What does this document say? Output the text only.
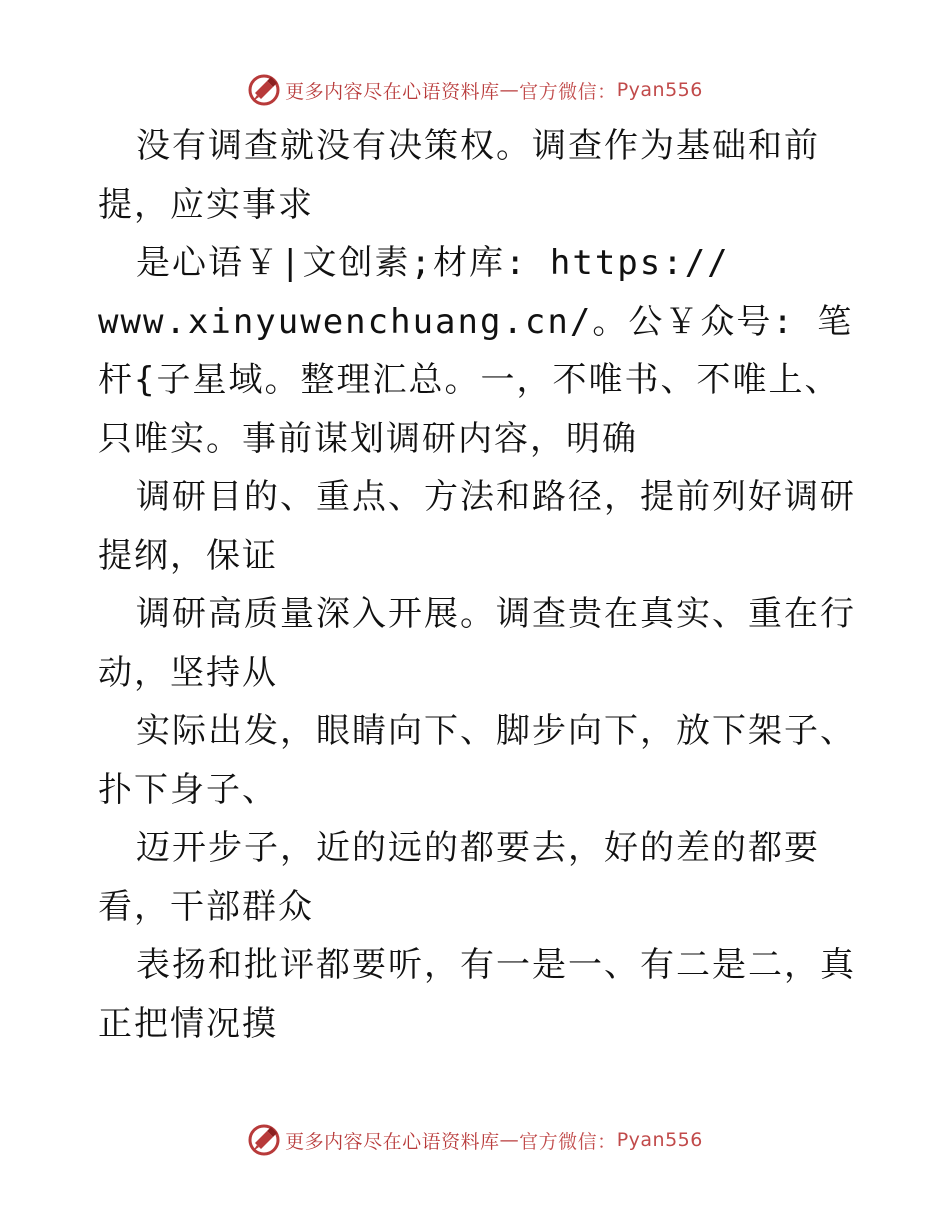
更多内容尽在心语资料库 — 官方微信： Pyan556

没有调查就没有决策权。调查作为基础和前提，应实事求

是心语￥|文创素;材库: https://

www.xinyuwenchuang.cn/。公￥众号: 笔杆{子星域。整理汇总。一，不唯书、不唯上、只唯实。事前谋划调研内容，明确

调研目的、重点、方法和路径，提前列好调研提纲，保证

调研高质量深入开展。调查贵在真实、重在行动，坚持从

实际出发，眼睛向下、脚步向下，放下架子、扑下身子、

迈开步子，近的远的都要去，好的差的都要看，干部群众

表扬和批评都要听，有一是一、有二是二，真正把情况摸

更多内容尽在心语资料库 — 官方微信： Pyan556
